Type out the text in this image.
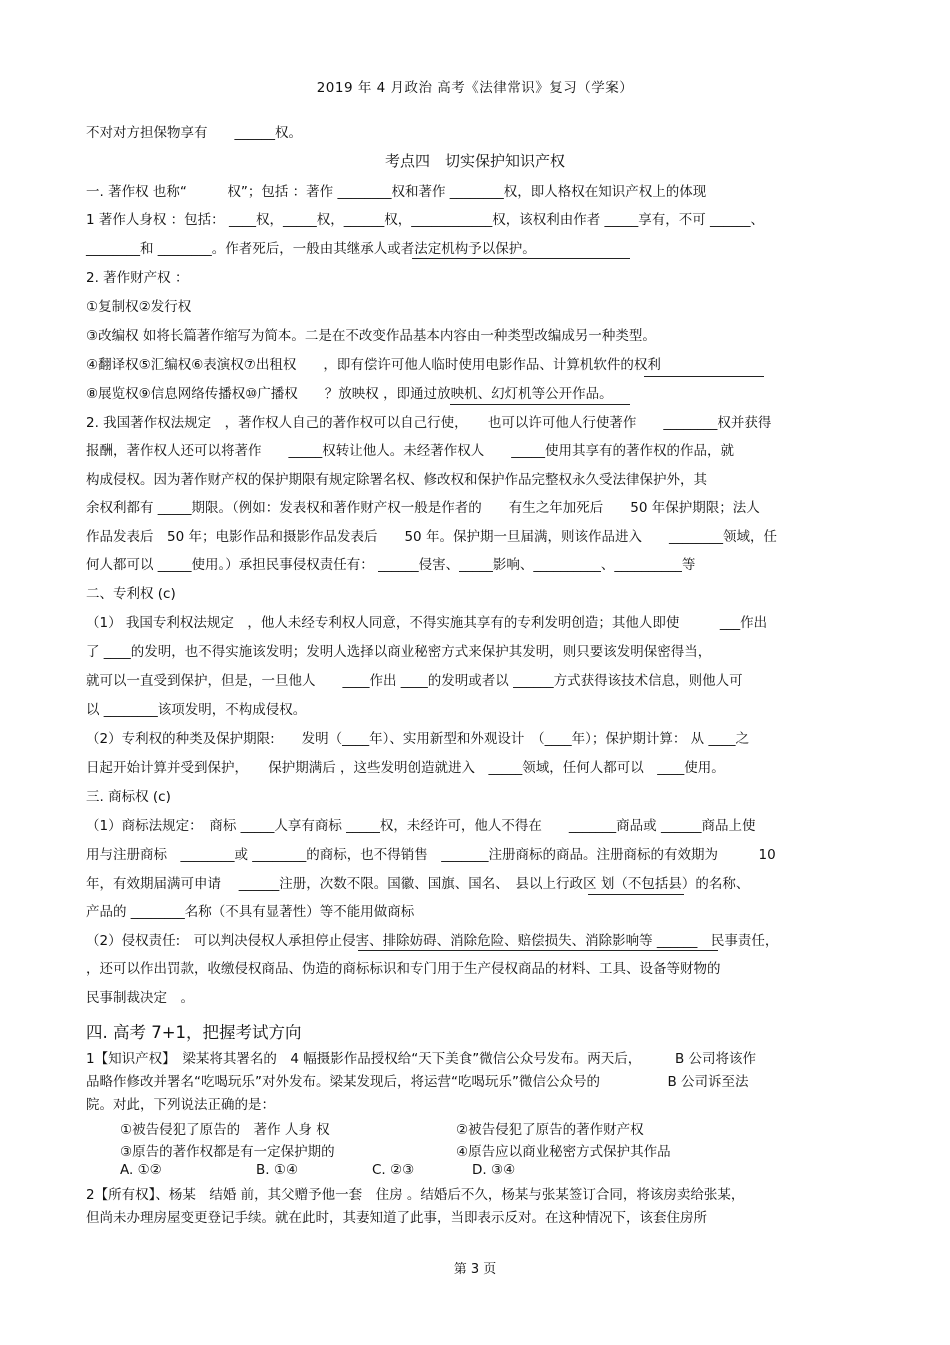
2019 年 4 月政治 高考《法律常识》复习（学案）
不对对方担保物享有　　______权。
考点四　切实保护知识产权
一. 著作权 也称“　　　权”；包括 ：著作 ________权和著作 ________权，即人格权在知识产权上的体现
1 著作人身权 ：包括： ____权，_____权，______权，____________权，该权利由作者 _____享有，不可 ______、
________和 ________。作者死后，一般由其继承人或者法定机构予以保护。
2. 著作财产权 ：
①复制权②发行权
③改编权 如将长篇著作缩写为简本。二是在不改变作品基本内容由一种类型改编成另一种类型。
④翻译权⑤汇编权⑥表演权⑦出租权　　，即有偿许可他人临时使用电影作品、计算机软件的权利
⑧展览权⑨信息网络传播权⑩广播权　　？放映权 ，即通过放映机、幻灯机等公开作品。
2. 我国著作权法规定　，著作权人自己的著作权可以自己行使，　　也可以许可他人行使著作　　________权并获得
报酬，著作权人还可以将著作　　_____权转让他人。未经著作权人　　_____使用其享有的著作权的作品，就
构成侵权。因为著作财产权的保护期限有规定除署名权、修改权和保护作品完整权永久受法律保护外，其
余权利都有 _____期限。（例如：发表权和著作财产权一般是作者的　　有生之年加死后　　50 年保护期限；法人
作品发表后　50 年；电影作品和摄影作品发表后　　50 年。保护期一旦届满，则该作品进入　　________领域，任
何人都可以 _____使用。）承担民事侵权责任有： ______侵害、_____影响、__________、__________等
二、专利权 (c)
（1） 我国专利权法规定　，他人未经专利权人同意，不得实施其享有的专利发明创造；其他人即使　　　___作出
了 ____的发明，也不得实施该发明；发明人选择以商业秘密方式来保护其发明，则只要该发明保密得当，
就可以一直受到保护，但是，一旦他人　　____作出 ____的发明或者以 ______方式获得该技术信息，则他人可
以 ________该项发明，不构成侵权。
（2）专利权的种类及保护期限:　　发明（____年）、实用新型和外观设计　（____年）；保护期计算： 从 ____之
日起开始计算并受到保护，　　保护期满后 ，这些发明创造就进入　_____领域，任何人都可以　____使用。
三. 商标权 (c)
（1）商标法规定：　商标 _____人享有商标 _____权，未经许可，他人不得在　　_______商品或 ______商品上使
用与注册商标　________或 ________的商标，也不得销售　_______注册商标的商品。注册商标的有效期为　　　10
年，有效期届满可申请　 ______注册，次数不限。国徽、国旗、国名、　县以上行政区 划（不包括县）的名称、
产品的 ________名称（不具有显著性）等不能用做商标
（2）侵权责任:　可以判决侵权人承担停止侵害、排除妨碍、消除危险、赔偿损失、消除影响等 ______　民事责任，
，还可以作出罚款，收缴侵权商品、伪造的商标标识和专门用于生产侵权商品的材料、工具、设备等财物的
民事制裁决定　。
四. 高考 7+1，把握考试方向
1【知识产权】　梁某将其署名的　4 幅摄影作品授权给“天下美食”微信公众号发布。两天后，　　　B 公司将该作
品略作修改并署名“吃喝玩乐”对外发布。梁某发现后，将运营“吃喝玩乐”微信公众号的　　　　　B 公司诉至法
院。对此，下列说法正确的是：
①被告侵犯了原告的　著作 人身 权	②被告侵犯了原告的著作财产权
③原告的著作权都是有一定保护期的	④原告应以商业秘密方式保护其作品
A. ①②	B. ①④	C. ②③	D. ③④
2【所有权】、杨某　结婚 前，其父赠予他一套　住房 。结婚后不久，杨某与张某签订合同，将该房卖给张某，
但尚未办理房屋变更登记手续。就在此时，其妻知道了此事，当即表示反对。在这种情况下，该套住房所
第 3 页
